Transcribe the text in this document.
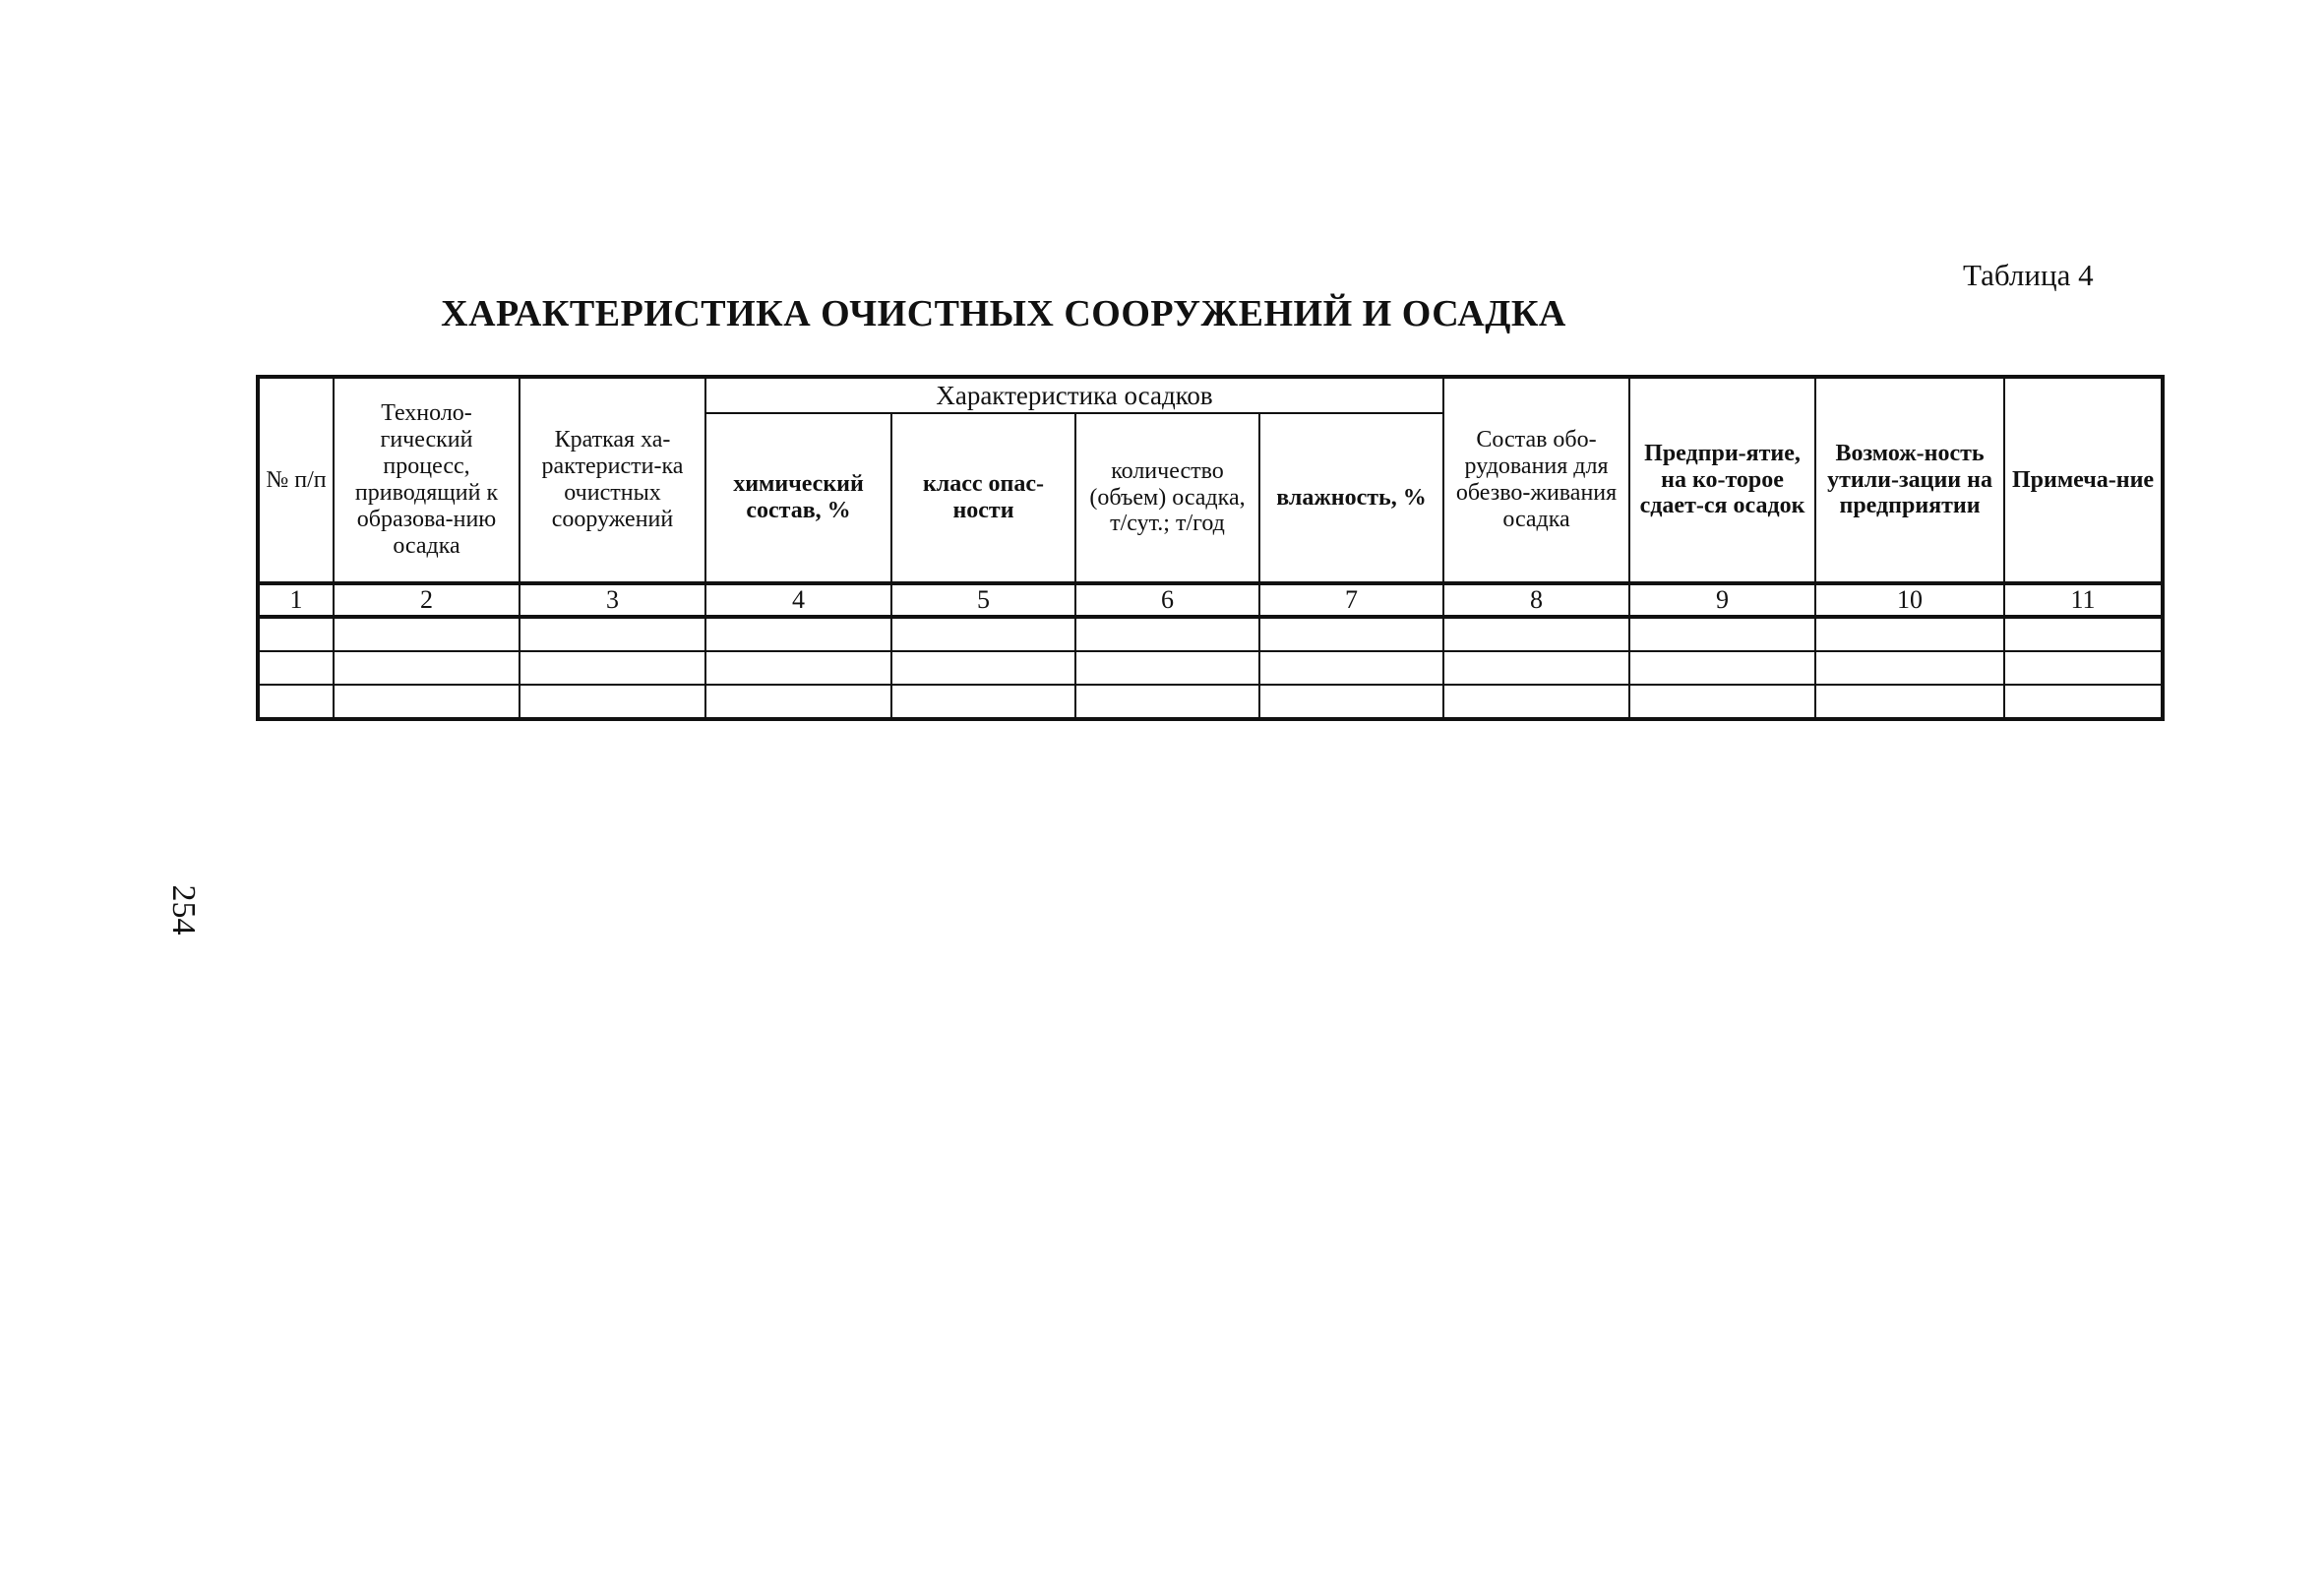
Таблица 4
ХАРАКТЕРИСТИКА ОЧИСТНЫХ СООРУЖЕНИЙ И ОСАДКА
254
№ п/п	Техноло-гический процесс, приводящий к образова-нию осадка	Краткая ха-рактеристи-ка очистных сооружений	Характеристика осадков				Состав обо-рудования для обезво-живания осадка	Предпри-ятие, на ко-торое сдает-ся осадок	Возмож-ность утили-зации на предприятии	Примеча-ние
			химический состав, %	класс опас-ности	количество (объем) осадка, т/сут.; т/год	влажность, %				
1	2	3	4	5	6	7	8	9	10	11
